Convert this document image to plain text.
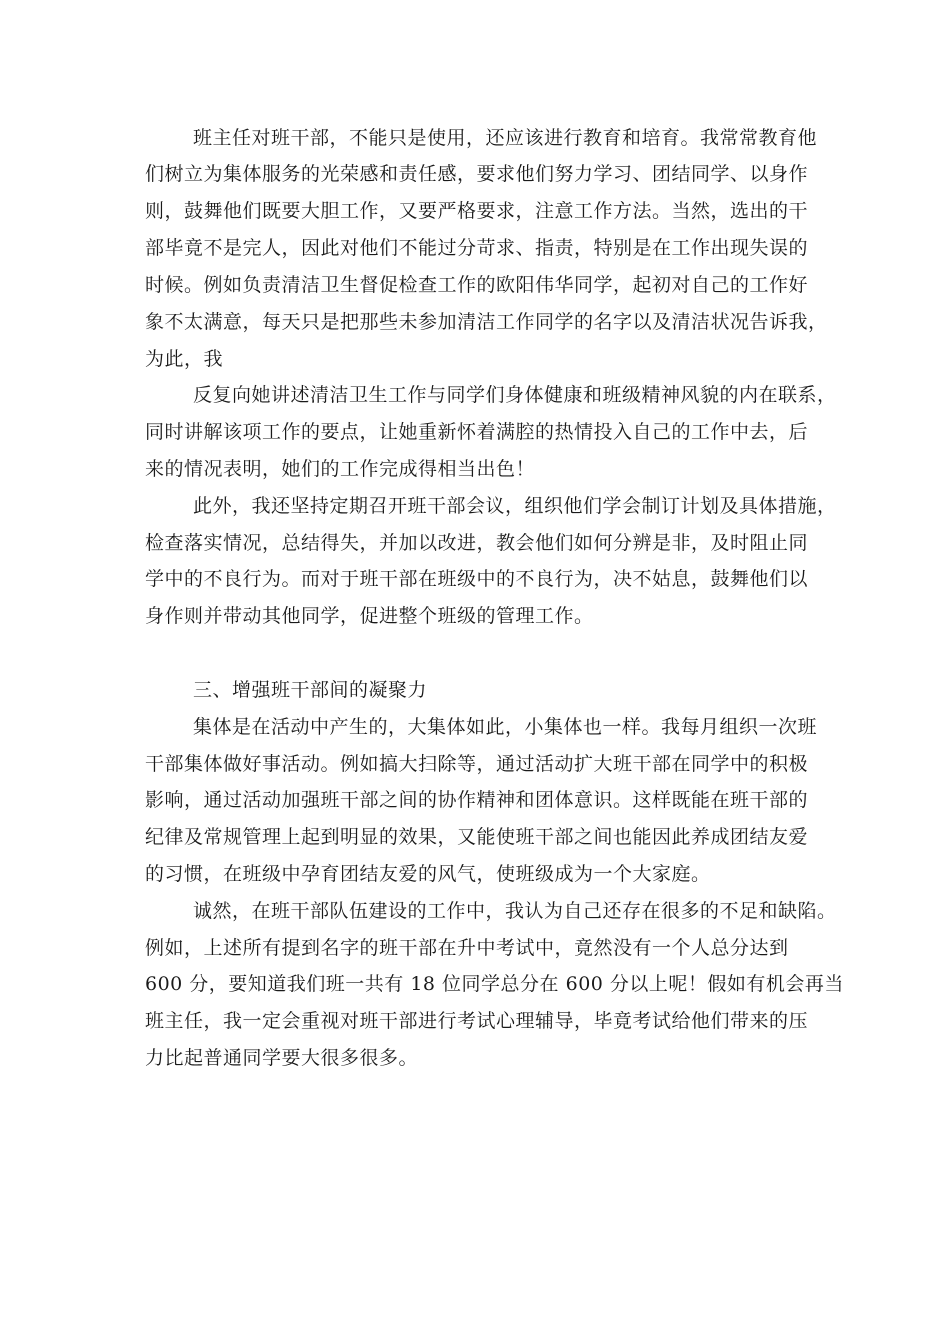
班主任对班干部，不能只是使用，还应该进行教育和培育。我常常教育他
们树立为集体服务的光荣感和责任感，要求他们努力学习、团结同学、以身作
则，鼓舞他们既要大胆工作，又要严格要求，注意工作方法。当然，选出的干
部毕竟不是完人，因此对他们不能过分苛求、指责，特别是在工作出现失误的
时候。例如负责清洁卫生督促检查工作的欧阳伟华同学，起初对自己的工作好
象不太满意，每天只是把那些未参加清洁工作同学的名字以及清洁状况告诉我，
为此，我
反复向她讲述清洁卫生工作与同学们身体健康和班级精神风貌的内在联系，
同时讲解该项工作的要点，让她重新怀着满腔的热情投入自己的工作中去，后
来的情况表明，她们的工作完成得相当出色！
此外，我还坚持定期召开班干部会议，组织他们学会制订计划及具体措施，
检查落实情况，总结得失，并加以改进，教会他们如何分辨是非，及时阻止同
学中的不良行为。而对于班干部在班级中的不良行为，决不姑息，鼓舞他们以
身作则并带动其他同学，促进整个班级的管理工作。
三、增强班干部间的凝聚力
集体是在活动中产生的，大集体如此，小集体也一样。我每月组织一次班
干部集体做好事活动。例如搞大扫除等，通过活动扩大班干部在同学中的积极
影响，通过活动加强班干部之间的协作精神和团体意识。这样既能在班干部的
纪律及常规管理上起到明显的效果，又能使班干部之间也能因此养成团结友爱
的习惯，在班级中孕育团结友爱的风气，使班级成为一个大家庭。
诚然，在班干部队伍建设的工作中，我认为自己还存在很多的不足和缺陷。
例如，上述所有提到名字的班干部在升中考试中，竟然没有一个人总分达到
600 分，要知道我们班一共有 18 位同学总分在 600 分以上呢！假如有机会再当
班主任，我一定会重视对班干部进行考试心理辅导，毕竟考试给他们带来的压
力比起普通同学要大很多很多。
